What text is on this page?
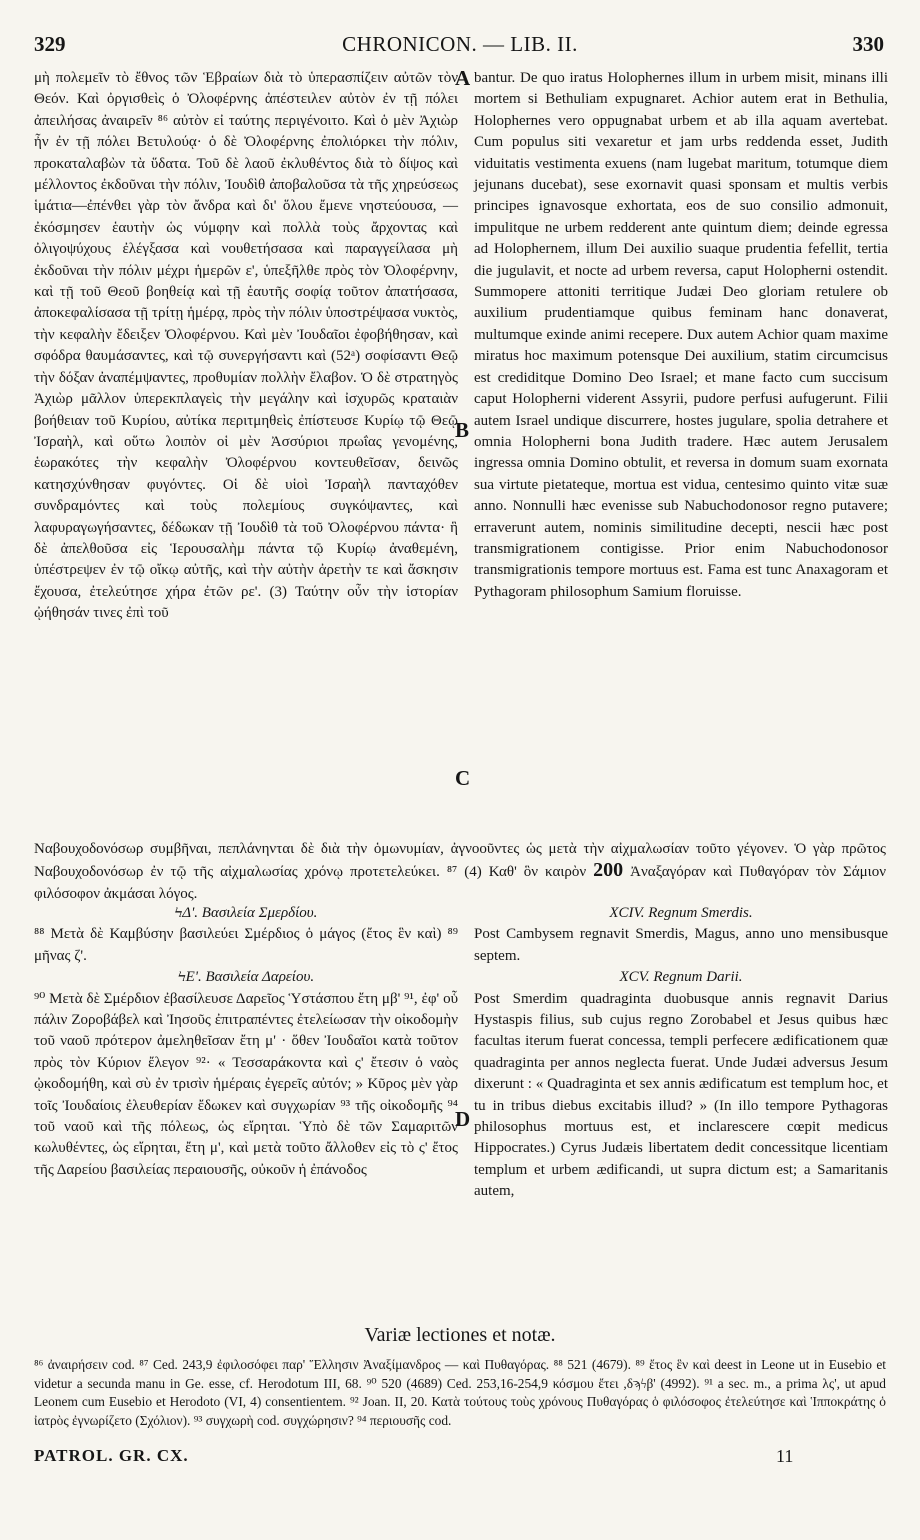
329	CHRONICON. — LIB. II.	330
A
B
C
D

μὴ πολεμεῖν τὸ ἔθνος τῶν Ἑβραίων διὰ τὸ ὑπερασπίζειν αὐτῶν τὸν Θεόν. Καὶ ὀργισθεὶς ὁ Ὀλοφέρνης ἀπέστειλεν αὐτὸν ἐν τῇ πόλει ἀπειλήσας ἀναιρεῖν ⁸⁶ αὐτὸν εἰ ταύτης περιγένοιτο. Καὶ ὁ μὲν Ἀχιὼρ ἦν ἐν τῇ πόλει Βετυλούᾳ· ὁ δὲ Ὀλοφέρνης ἐπολιόρκει τὴν πόλιν, προκαταλαβὼν τὰ ὕδατα. Τοῦ δὲ λαοῦ ἐκλυθέντος διὰ τὸ δίψος καὶ μέλλοντος ἐκδοῦναι τὴν πόλιν, Ἰουδὶθ ἀποβαλοῦσα τὰ τῆς χηρεύσεως ἱμάτια—ἐπένθει γὰρ τὸν ἄνδρα καὶ δι' ὅλου ἔμενε νηστεύουσα, — ἐκόσμησεν ἑαυτὴν ὡς νύμφην καὶ πολλὰ τοὺς ἄρχοντας καὶ ὀλιγοψύχους ἐλέγξασα καὶ νουθετήσασα καὶ παραγγείλασα μὴ ἐκδοῦναι τὴν πόλιν μέχρι ἡμερῶν ε', ὑπεξῆλθε πρὸς τὸν Ὀλοφέρνην, καὶ τῇ τοῦ Θεοῦ βοηθείᾳ καὶ τῇ ἑαυτῆς σοφίᾳ τοῦτον ἀπατήσασα, ἀποκεφαλίσασα τῇ τρίτῃ ἡμέρᾳ, πρὸς τὴν πόλιν ὑποστρέψασα νυκτὸς, τὴν κεφαλὴν ἔδειξεν Ὀλοφέρνου. Καὶ μὲν Ἰουδαῖοι ἐφοβήθησαν, καὶ σφόδρα θαυμάσαντες, καὶ τῷ συνεργήσαντι καὶ (52ᵃ) σοφίσαντι Θεῷ τὴν δόξαν ἀναπέμψαντες, προθυμίαν πολλὴν ἔλαβον. Ὁ δὲ στρατηγὸς Ἀχιὼρ μᾶλλον ὑπερεκπλαγεὶς τὴν μεγάλην καὶ ἰσχυρῶς κραταιὰν βοήθειαν τοῦ Κυρίου, αὐτίκα περιτμηθεὶς ἐπίστευσε Κυρίῳ τῷ Θεῷ Ἰσραὴλ, καὶ οὕτω λοιπὸν οἱ μὲν Ἀσσύριοι πρωΐας γενομένης, ἑωρακότες τὴν κεφαλὴν Ὀλοφέρνου κοντευθεῖσαν, δεινῶς κατησχύνθησαν φυγόντες. Οἱ δὲ υἱοὶ Ἰσραὴλ πανταχόθεν συνδραμόντες καὶ τοὺς πολεμίους συγκόψαντες, καὶ λαφυραγωγήσαντες, δέδωκαν τῇ Ἰουδὶθ τὰ τοῦ Ὀλοφέρνου πάντα· ἣ δὲ ἀπελθοῦσα εἰς Ἱερουσαλὴμ πάντα τῷ Κυρίῳ ἀναθεμένη, ὑπέστρεψεν ἐν τῷ οἴκῳ αὐτῆς, καὶ τὴν αὐτὴν ἀρετὴν τε καὶ ἄσκησιν ἔχουσα, ἐτελεύτησε χήρα ἐτῶν ρε'. (3) Ταύτην οὖν τὴν ἱστορίαν ᾠήθησάν τινες ἐπὶ τοῦ

bantur. De quo iratus Holophernes illum in urbem misit, minans illi mortem si Bethuliam expugnaret. Achior autem erat in Bethulia, Holophernes vero oppugnabat urbem et ab illa aquam avertebat. Cum populus siti vexaretur et jam urbs reddenda esset, Judith viduitatis vestimenta exuens (nam lugebat maritum, totumque diem jejunans ducebat), sese exornavit quasi sponsam et multis verbis principes ignavosque exhortata, eos de suo consilio admonuit, impulitque ne urbem redderent ante quintum diem; deinde egressa ad Holophernem, illum Dei auxilio suaque prudentia fefellit, tertia die jugulavit, et nocte ad urbem reversa, caput Holopherni ostendit. Summopere attoniti territique Judæi Deo gloriam retulere ob auxilium prudentiamque quibus feminam hanc donaverat, multumque exinde animi recepere. Dux autem Achior quam maxime miratus hoc maximum potensque Dei auxilium, statim circumcisus est crediditque Domino Deo Israel; et mane facto cum succisum caput Holopherni viderent Assyrii, pudore perfusi aufugerunt. Filii autem Israel undique discurrere, hostes jugulare, spolia detrahere et omnia Holopherni bona Judith tradere. Hæc autem Jerusalem ingressa omnia Domino obtulit, et reversa in domum suam exornata sua virtute pietateque, mortua est vidua, centesimo quinto vitæ suæ anno. Nonnulli hæc evenisse sub Nabuchodonosor regno putavere; erraverunt autem, nominis similitudine decepti, nescii hæc post transmigrationem contigisse. Prior enim Nabuchodonosor transmigrationis tempore mortuus est. Fama est tunc Anaxagoram et Pythagoram philosophum Samium floruisse.

Ναβουχοδονόσωρ συμβῆναι, πεπλάνηνται δὲ διὰ τὴν ὁμωνυμίαν, ἀγνοοῦντες ὡς μετὰ τὴν αἰχμαλωσίαν τοῦτο γέγονεν. Ὁ γὰρ πρῶτος Ναβουχοδονόσωρ ἐν τῷ τῆς αἰχμαλωσίας χρόνῳ προτετελεύκει. ⁸⁷ (4) Καθ' ὃν καιρὸν 200 Ἀναξαγόραν καὶ Πυθαγόραν τὸν Σάμιον φιλόσοφον ἀκμάσαι λόγος.

ϞΔ'. Βασιλεία Σμερδίου.

⁸⁸ Μετὰ δὲ Καμβύσην βασιλεύει Σμέρδιος ὁ μάγος (ἔτος ἓν καὶ) ⁸⁹ μῆνας ζ'.

ϞΕ'. Βασιλεία Δαρείου.

⁹⁰ Μετὰ δὲ Σμέρδιον ἐβασίλευσε Δαρεῖος Ὑστάσπου ἔτη μβ' ⁹¹, ἐφ' οὗ πάλιν Ζοροβάβελ καὶ Ἰησοῦς ἐπιτραπέντες ἐτελείωσαν τὴν οἰκοδομὴν τοῦ ναοῦ πρότερον ἀμεληθεῖσαν ἔτη μ' · ὅθεν Ἰουδαῖοι κατὰ τοῦτον πρὸς τὸν Κύριον ἔλεγον ⁹²· « Τεσσαράκοντα καὶ ς' ἔτεσιν ὁ ναὸς ᾠκοδομήθη, καὶ σὺ ἐν τρισὶν ἡμέραις ἐγερεῖς αὐτόν; » Κῦρος μὲν γὰρ τοῖς Ἰουδαίοις ἐλευθερίαν ἔδωκεν καὶ συγχωρίαν ⁹³ τῆς οἰκοδομῆς ⁹⁴ τοῦ ναοῦ καὶ τῆς πόλεως, ὡς εἴρηται. Ὑπὸ δὲ τῶν Σαμαριτῶν κωλυθέντες, ὡς εἴρηται, ἔτη μ', καὶ μετὰ τοῦτο ἄλλοθεν εἰς τὸ ς' ἔτος τῆς Δαρείου βασιλείας περαιουσῆς, οὐκοῦν ἡ ἐπάνοδος

XCIV. Regnum Smerdis.

Post Cambysem regnavit Smerdis, Magus, anno uno mensibusque septem.

XCV. Regnum Darii.

Post Smerdim quadraginta duobusque annis regnavit Darius Hystaspis filius, sub cujus regno Zorobabel et Jesus quibus hæc facultas iterum fuerat concessa, templi perfecere ædificationem quæ quadraginta per annos neglecta fuerat. Unde Judæi adversus Jesum dixerunt : « Quadraginta et sex annis ædificatum est templum hoc, et tu in tribus diebus excitabis illud? » (In illo tempore Pythagoras philosophus mortuus est, et inclarescere cœpit medicus Hippocrates.) Cyrus Judæis libertatem dedit concessitque licentiam templum et urbem ædificandi, ut supra dictum est; a Samaritanis autem,

Variæ lectiones et notæ.
⁸⁶ ἀναιρήσειν cod. ⁸⁷ Ced. 243,9 ἐφιλοσόφει παρ' Ἕλλησιν Ἀναξίμανδρος — καὶ Πυθαγόρας. ⁸⁸ 521 (4679). ⁸⁹ ἔτος ἓν καὶ deest in Leone ut in Eusebio et videtur a secunda manu in Ge. esse, cf. Herodotum III, 68. ⁹⁰ 520 (4689) Ced. 253,16-254,9 κόσμου ἔτει ,δϡϟβ' (4992). ⁹¹ a sec. m., a prima λς', ut apud Leonem cum Eusebio et Herodoto (VI, 4) consentientem. ⁹² Joan. II, 20. Κατὰ τούτους τοὺς χρόνους Πυθαγόρας ὁ φιλόσοφος ἐτελεύτησε καὶ Ἱπποκράτης ὁ ἰατρὸς ἐγνωρίζετο (Σχόλιον). ⁹³ συγχωρὴ cod. συγχώρησιν? ⁹⁴ περιουσῆς cod.
PATROL. GR. CX.	11
